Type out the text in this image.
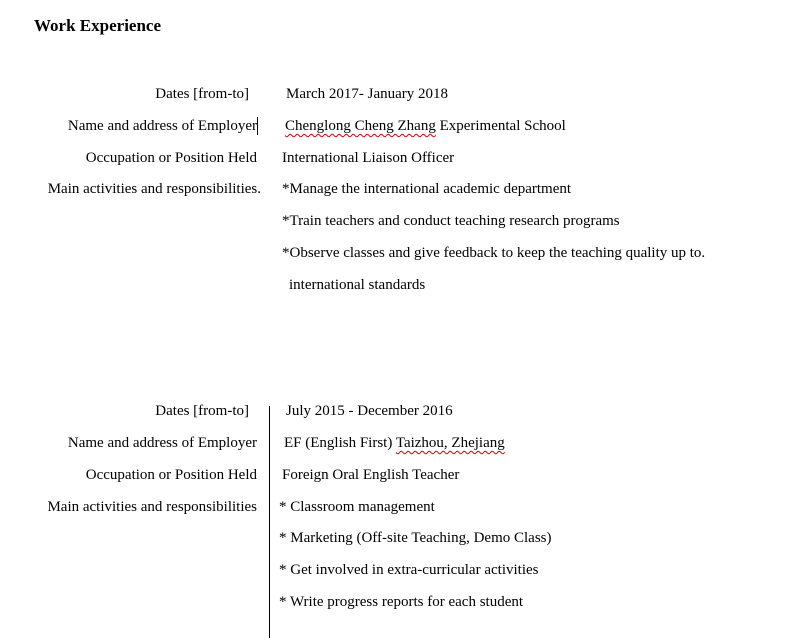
Work Experience
Dates [from-to] March 2017- January 2018
Name and address of Employer Chenglong Cheng Zhang Experimental School
Occupation or Position Held International Liaison Officer
Main activities and responsibilities. *Manage the international academic department
*Train teachers and conduct teaching research programs
*Observe classes and give feedback to keep the teaching quality up to.
international standards
Dates [from-to] July 2015 - December 2016
Name and address of Employer EF (English First) Taizhou, Zhejiang
Occupation or Position Held Foreign Oral English Teacher
Main activities and responsibilities * Classroom management
* Marketing (Off-site Teaching, Demo Class)
* Get involved in extra-curricular activities
* Write progress reports for each student
